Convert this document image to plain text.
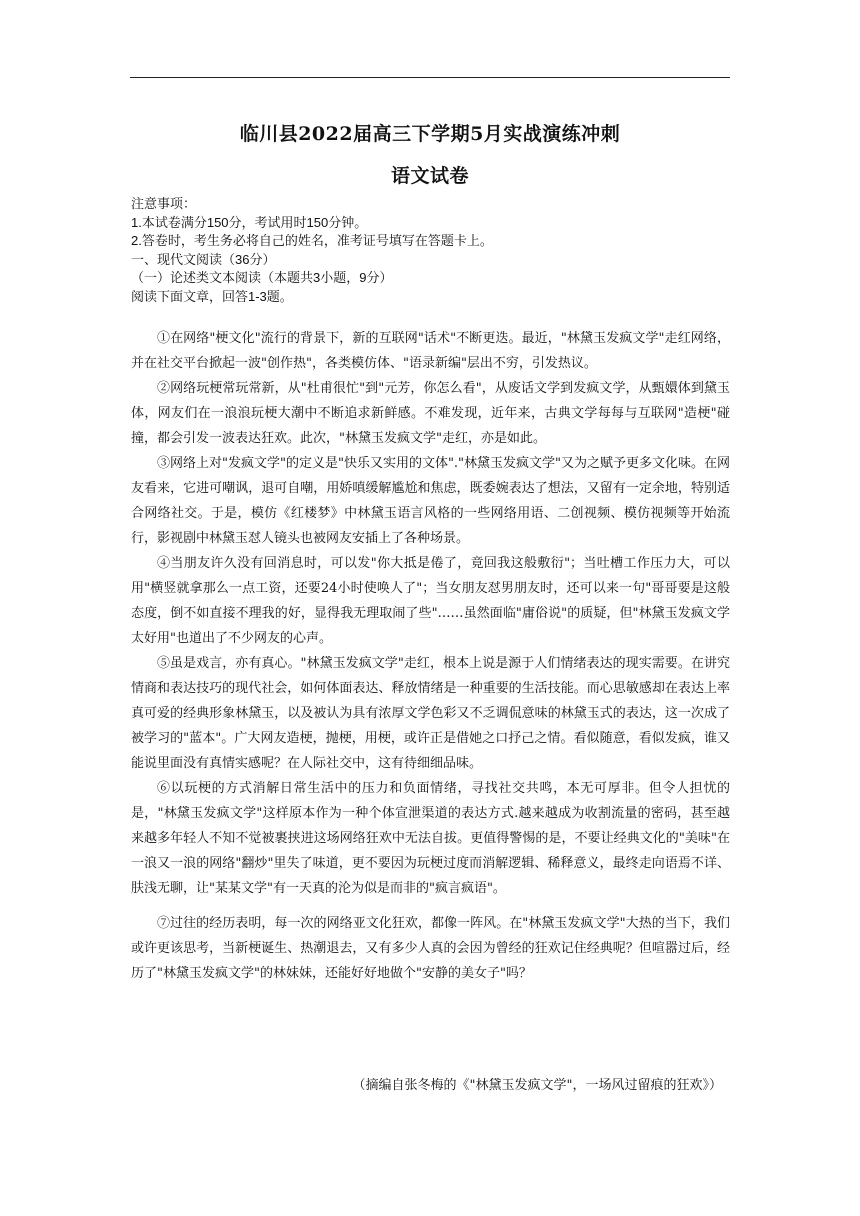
临川县2022届高三下学期5月实战演练冲刺
语文试卷
注意事项：
1.本试卷满分150分，考试用时150分钟。
2.答卷时，考生务必将自己的姓名，准考证号填写在答题卡上。
一、现代文阅读（36分）
（一）论述类文本阅读（本题共3小题，9分）
阅读下面文章，回答1-3题。

①在网络"梗文化"流行的背景下，新的互联网"话术"不断更迭。最近，"林黛玉发疯文学"走红网络，并在社交平台掀起一波"创作热"，各类模仿体、"语录新编"层出不穷，引发热议。

②网络玩梗常玩常新，从"杜甫很忙"到"元芳，你怎么看"，从废话文学到发疯文学，从甄嬛体到黛玉体，网友们在一浪浪玩梗大潮中不断追求新鲜感。不难发现，近年来，古典文学每每与互联网"造梗"碰撞，都会引发一波表达狂欢。此次，"林黛玉发疯文学"走红，亦是如此。

③网络上对"发疯文学"的定义是"快乐又实用的文体"."林黛玉发疯文学"又为之赋予更多文化味。在网友看来，它进可嘲讽，退可自嘲，用娇嗔缓解尴尬和焦虑，既委婉表达了想法，又留有一定余地，特别适合网络社交。于是，模仿《红楼梦》中林黛玉语言风格的一些网络用语、二创视频、模仿视频等开始流行，影视剧中林黛玉怼人镜头也被网友安插上了各种场景。

④当朋友许久没有回消息时，可以发"你大抵是倦了，竟回我这般敷衍"；当吐槽工作压力大，可以用"横竖就拿那么一点工资，还要24小时使唤人了"；当女朋友怼男朋友时，还可以来一句"哥哥要是这般态度，倒不如直接不理我的好，显得我无理取闹了些"……虽然面临"庸俗说"的质疑，但"林黛玉发疯文学太好用"也道出了不少网友的心声。

⑤虽是戏言，亦有真心。"林黛玉发疯文学"走红，根本上说是源于人们情绪表达的现实需要。在讲究情商和表达技巧的现代社会，如何体面表达、释放情绪是一种重要的生活技能。而心思敏感却在表达上率真可爱的经典形象林黛玉，以及被认为具有浓厚文学色彩又不乏调侃意味的林黛玉式的表达，这一次成了被学习的"蓝本"。广大网友造梗，抛梗，用梗，或许正是借她之口抒己之情。看似随意，看似发疯，谁又能说里面没有真情实感呢？在人际社交中，这有待细细品味。

⑥以玩梗的方式消解日常生活中的压力和负面情绪，寻找社交共鸣，本无可厚非。但令人担忧的是，"林黛玉发疯文学"这样原本作为一种个体宣泄渠道的表达方式.越来越成为收割流量的密码，甚至越来越多年轻人不知不觉被裹挟进这场网络狂欢中无法自拔。更值得警惕的是，不要让经典文化的"美味"在一浪又一浪的网络"翻炒"里失了味道，更不要因为玩梗过度而消解逻辑、稀释意义，最终走向语焉不详、肤浅无聊，让"某某文学"有一天真的沦为似是而非的"疯言疯语"。

⑦过往的经历表明，每一次的网络亚文化狂欢，都像一阵风。在"林黛玉发疯文学"大热的当下，我们或许更该思考，当新梗诞生、热潮退去，又有多少人真的会因为曾经的狂欢记住经典呢？但喧嚣过后，经历了"林黛玉发疯文学"的林妹妹，还能好好地做个"安静的美女子"吗？

（摘编自张冬梅的《"林黛玉发疯文学"，一场风过留痕的狂欢》）
